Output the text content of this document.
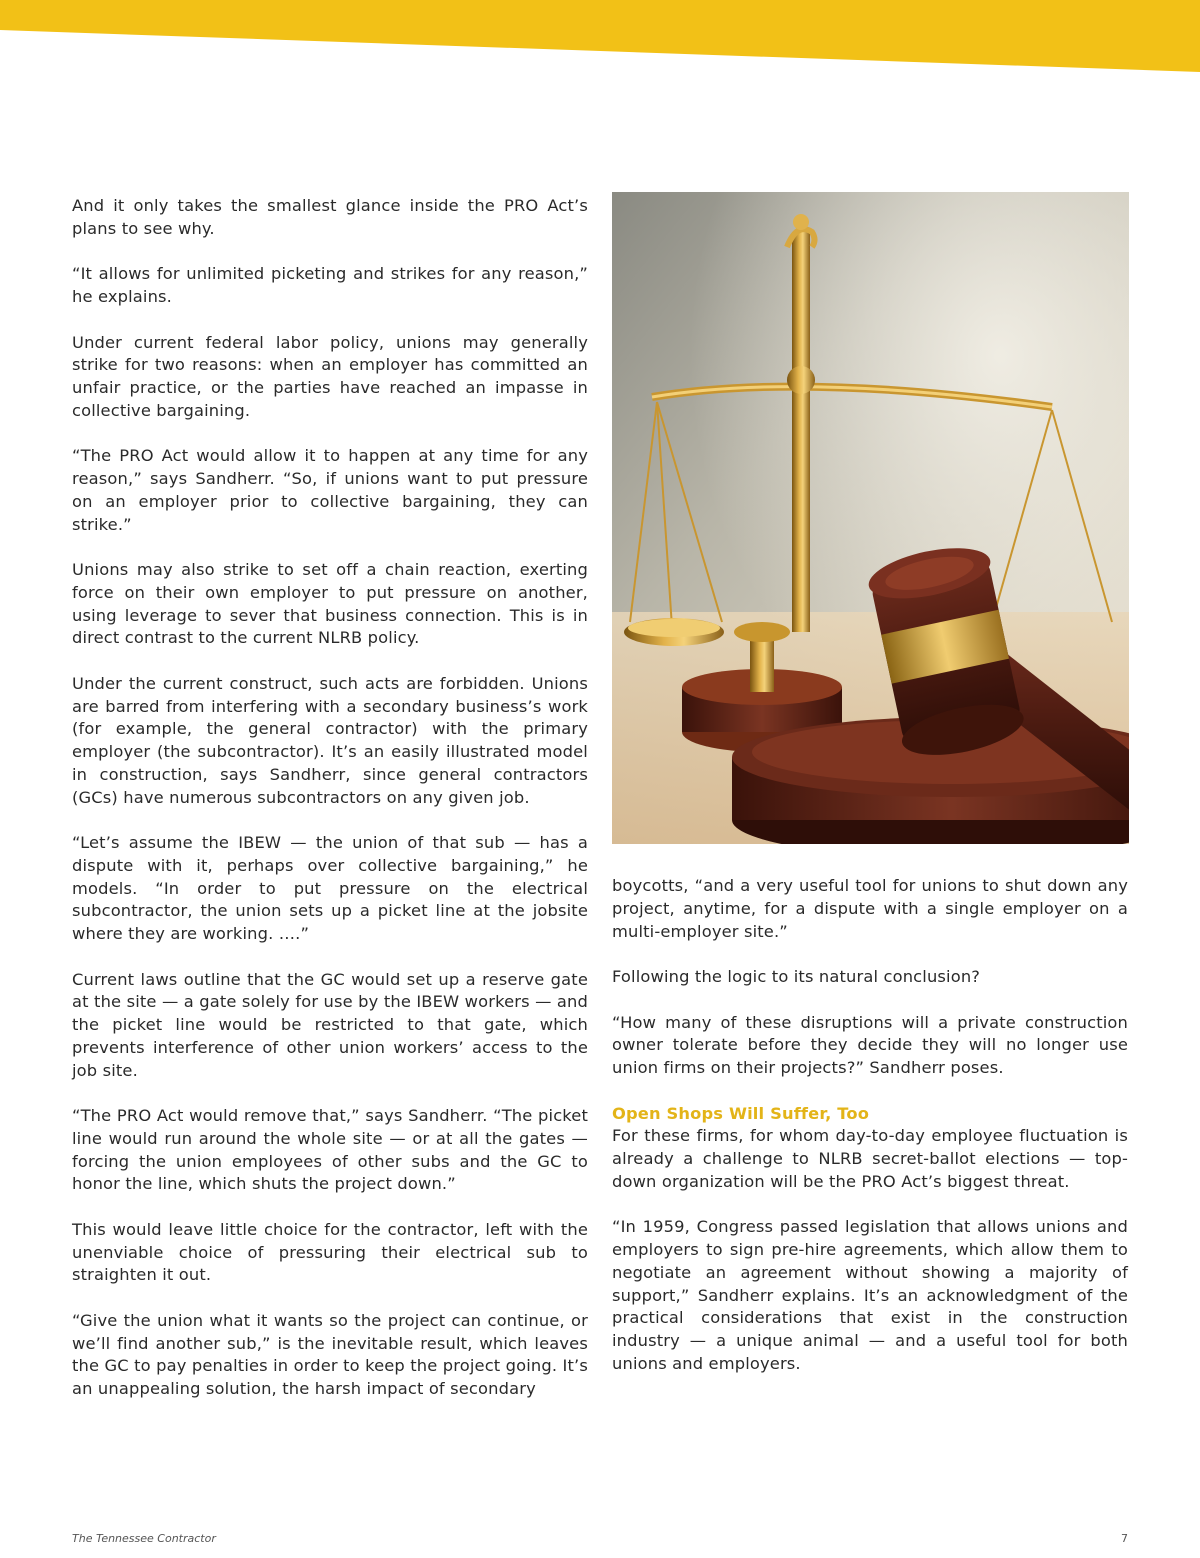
And it only takes the smallest glance inside the PRO Act’s plans to see why.

“It allows for unlimited picketing and strikes for any reason,” he explains.

Under current federal labor policy, unions may generally strike for two reasons: when an employer has committed an unfair practice, or the parties have reached an impasse in collective bargaining.

“The PRO Act would allow it to happen at any time for any reason,” says Sandherr. “So, if unions want to put pressure on an employer prior to collective bargaining, they can strike.”

Unions may also strike to set off a chain reaction, exerting force on their own employer to put pressure on another, using leverage to sever that business connection. This is in direct contrast to the current NLRB policy.

Under the current construct, such acts are forbidden. Unions are barred from interfering with a secondary business’s work (for example, the general contractor) with the primary employer (the subcontractor). It’s an easily illustrated model in construction, says Sandherr, since general contractors (GCs) have numerous subcontractors on any given job.

“Let’s assume the IBEW — the union of that sub — has a dispute with it, perhaps over collective bargaining,” he models. “In order to put pressure on the electrical subcontractor, the union sets up a picket line at the jobsite where they are working. ….”

Current laws outline that the GC would set up a reserve gate at the site — a gate solely for use by the IBEW workers — and the picket line would be restricted to that gate, which prevents interference of other union workers’ access to the job site.

“The PRO Act would remove that,” says Sandherr. “The picket line would run around the whole site — or at all the gates — forcing the union employees of other subs and the GC to honor the line, which shuts the project down.”

This would leave little choice for the contractor, left with the unenviable choice of pressuring their electrical sub to straighten it out.

“Give the union what it wants so the project can continue, or we’ll find another sub,” is the inevitable result, which leaves the GC to pay penalties in order to keep the project going. It’s an unappealing solution, the harsh impact of secondary

boycotts, “and a very useful tool for unions to shut down any project, anytime, for a dispute with a single employer on a multi-employer site.”

Following the logic to its natural conclusion?

“How many of these disruptions will a private construction owner tolerate before they decide they will no longer use union firms on their projects?” Sandherr poses.

Open Shops Will Suffer, Too

For these firms, for whom day-to-day employee fluctuation is already a challenge to NLRB secret-ballot elections — top-down organization will be the PRO Act’s biggest threat.

“In 1959, Congress passed legislation that allows unions and employers to sign pre-hire agreements, which allow them to negotiate an agreement without showing a majority of support,” Sandherr explains. It’s an acknowledgment of the practical considerations that exist in the construction industry — a unique animal — and a useful tool for both unions and employers.

The Tennessee Contractor	7
